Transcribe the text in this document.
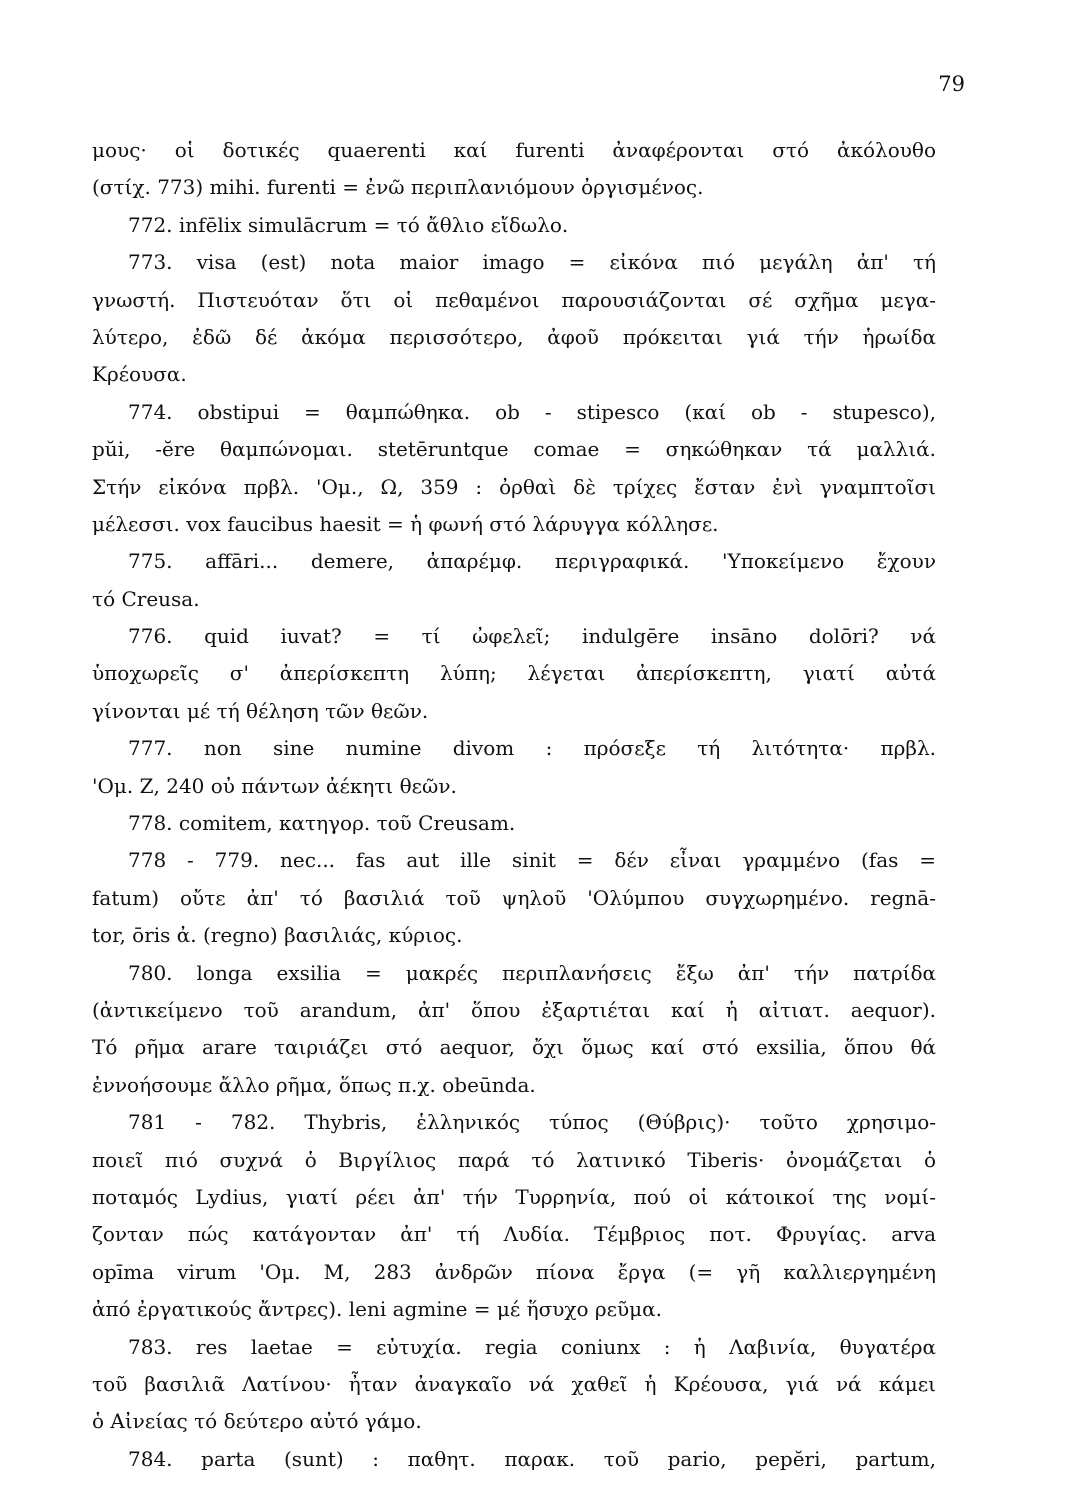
79
μους· οἱ δοτικές quaerenti καί furenti ἀναφέρονται στό ἀκόλουθο
(στίχ. 773) mihi. furenti = ἐνῶ περιπλανιόμουν ὀργισμένος.
772. infēlix simulācrum = τό ἄθλιο εἴδωλο.
773. visa (est) nota maior imago = εἰκόνα πιό μεγάλη ἀπ' τή
γνωστή. Πιστευόταν ὅτι οἱ πεθαμένοι παρουσιάζονται σέ σχῆμα μεγα-
λύτερο, ἐδῶ δέ ἀκόμα περισσότερο, ἀφοῦ πρόκειται γιά τήν ἡρωίδα
Κρέουσα.
774. obstipui = θαμπώθηκα. ob - stipesco (καί ob - stupesco),
pŭi, -ĕre θαμπώνομαι. stetēruntque comae = σηκώθηκαν τά μαλλιά.
Στήν εἰκόνα πρβλ. 'Ομ., Ω, 359 : ὀρθαὶ δὲ τρίχες ἔσταν ἐνὶ γναμπτοῖσι
μέλεσσι. vox faucibus haesit = ἡ φωνή στό λάρυγγα κόλλησε.
775. affāri... demere, ἀπαρέμφ. περιγραφικά. 'Υποκείμενο ἔχουν
τό Creusa.
776. quid iuvat? = τί ὠφελεῖ; indulgēre insāno dolōri? νά
ὑποχωρεῖς σ' ἀπερίσκεπτη λύπη; λέγεται ἀπερίσκεπτη, γιατί αὐτά
γίνονται μέ τή θέληση τῶν θεῶν.
777. non sine numine divom : πρόσεξε τή λιτότητα· πρβλ.
'Ομ. Ζ, 240 οὐ πάντων ἀέκητι θεῶν.
778. comitem, κατηγορ. τοῦ Creusam.
778 - 779. nec... fas aut ille sinit = δέν εἶναι γραμμένο (fas =
fatum) οὔτε ἀπ' τό βασιλιά τοῦ ψηλοῦ 'Ολύμπου συγχωρημένο. regnā-
tor, ōris ἀ. (regno) βασιλιάς, κύριος.
780. longa exsilia = μακρές περιπλανήσεις ἔξω ἀπ' τήν πατρίδα
(ἀντικείμενο τοῦ arandum, ἀπ' ὅπου ἐξαρτιέται καί ἡ αἰτιατ. aequor).
Τό ρῆμα arare ταιριάζει στό aequor, ὄχι ὅμως καί στό exsilia, ὅπου θά
ἐννοήσουμε ἄλλο ρῆμα, ὅπως π.χ. obeūnda.
781 - 782. Thybris, ἑλληνικός τύπος (Θύβρις)· τοῦτο χρησιμο-
ποιεῖ πιό συχνά ὁ Βιργίλιος παρά τό λατινικό Tiberis· ὀνομάζεται ὁ
ποταμός Lydius, γιατί ρέει ἀπ' τήν Τυρρηνία, πού οἱ κάτοικοί της νομί-
ζονταν πώς κατάγονταν ἀπ' τή Λυδία. Τέμβριος ποτ. Φρυγίας. arva
opīma virum 'Ομ. Μ, 283 ἀνδρῶν πίονα ἔργα (= γῆ καλλιεργημένη
ἀπό ἐργατικούς ἄντρες). leni agmine = μέ ἥσυχο ρεῦμα.
783. res laetae = εὐτυχία. regia coniunx : ἡ Λαβινία, θυγατέρα
τοῦ βασιλιᾶ Λατίνου· ἦταν ἀναγκαῖο νά χαθεῖ ἡ Κρέουσα, γιά νά κάμει
ὁ Αἰνείας τό δεύτερο αὐτό γάμο.
784. parta (sunt) : παθητ. παρακ. τοῦ pario, pepĕri, partum,
